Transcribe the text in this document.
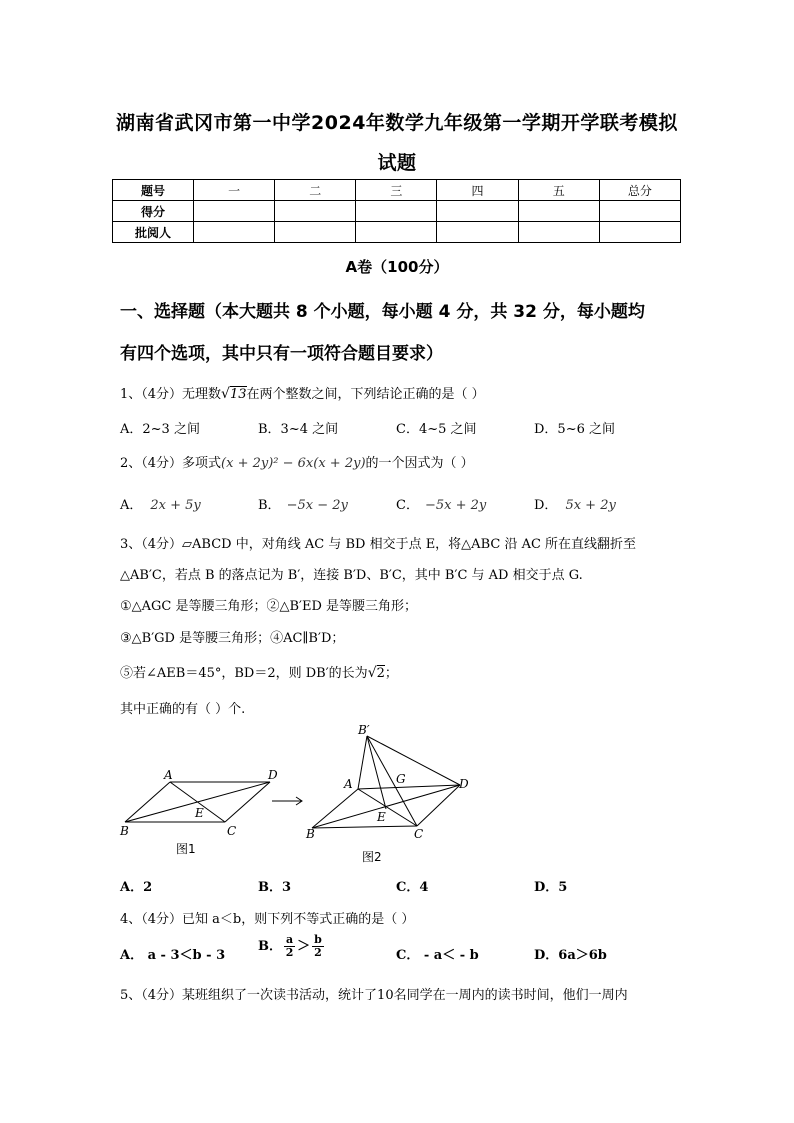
湖南省武冈市第一中学2024年数学九年级第一学期开学联考模拟
试题
题号	一	二	三	四	五	总分
得分						
批阅人						
A卷（100分）
一、选择题（本大题共 8 个小题，每小题 4 分，共 32 分，每小题均
有四个选项，其中只有一项符合题目要求）
1、（4分）无理数√13在两个整数之间，下列结论正确的是（ ）
A．2~3 之间	B．3~4 之间	C．4~5 之间	D．5~6 之间
2、（4分）多项式(x + 2y)² − 6x(x + 2y)的一个因式为（ ）
A． 2x + 5y	B． −5x − 2y	C． −5x + 2y	D． 5x + 2y
3、（4分）▱ABCD 中，对角线 AC 与 BD 相交于点 E，将△ABC 沿 AC 所在直线翻折至
△AB′C，若点 B 的落点记为 B′，连接 B′D、B′C，其中 B′C 与 AD 相交于点 G.
①△AGC 是等腰三角形；②△B′ED 是等腰三角形；
③△B′GD 是等腰三角形；④AC∥B′D；
⑤若∠AEB＝45°，BD＝2，则 DB′的长为√2；
其中正确的有（ ）个.
A	D
E
B	C
图1
B′
A	G	D
E
B	C
图2
A．2	B．3	C．4	D．5
4、（4分）已知 a＜b，则下列不等式正确的是（ ）
A． a - 3＜b - 3
B． $\frac{a}{2} > \frac{b}{2}$	C． - a＜ - b	D．6a＞6b
5、（4分）某班组织了一次读书活动，统计了10名同学在一周内的读书时间，他们一周内
